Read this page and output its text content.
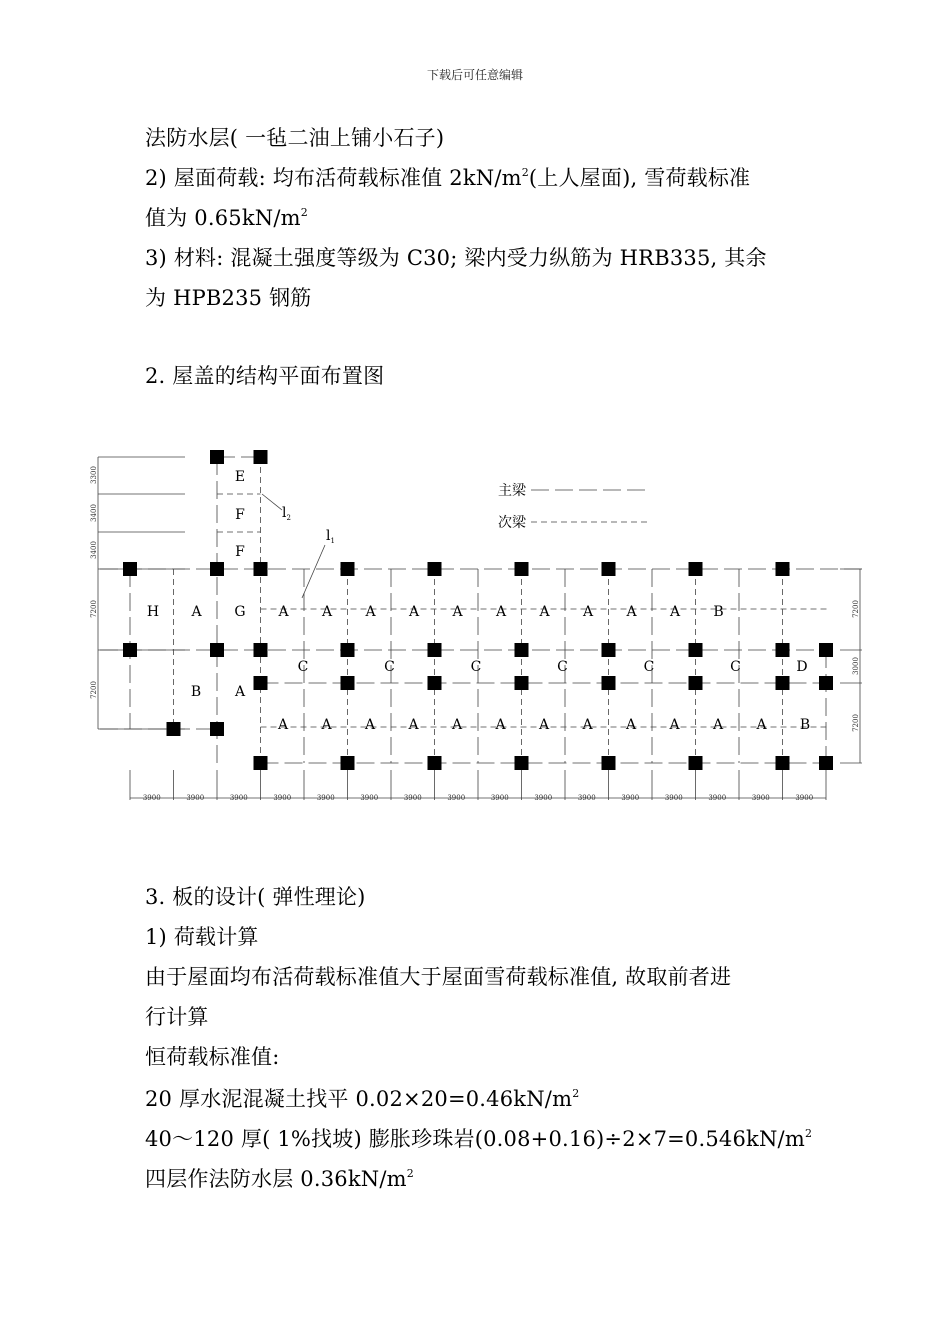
下载后可任意编辑
法防水层( 一毡二油上铺小石子)
2) 屋面荷载: 均布活荷载标准值 $2kN/m^2$(上人屋面), 雪荷载标准
值为 $0.65kN/m^2$
3) 材料: 混凝土强度等级为 C30; 梁内受力纵筋为 HRB335, 其余
为 HPB235 钢筋
2. 屋盖的结构平面布置图
E
F
F
H A G A A A A A A A A A A B
C	C	C	C	C	C	D
B A
A A A A A A A A A A A A B
$l_2$
$l_1$
主梁
次梁
3300
3400
3400
7200
7200
7200
3000
7200
3900	3900	3900	3900	3900	3900	3900	3900	3900	3900	3900	3900	3900	3900	3900	3900
3. 板的设计( 弹性理论)
1) 荷载计算
由于屋面均布活荷载标准值大于屋面雪荷载标准值, 故取前者进
行计算
恒荷载标准值:
20 厚水泥混凝土找平 $0.02\times 20=0.46kN/m^2$
40～120 厚( 1%找坡) 膨胀珍珠岩$(0.08+0.16)\div 2\times 7=0.546kN/m^2$
四层作法防水层 $0.36kN/m^2$
